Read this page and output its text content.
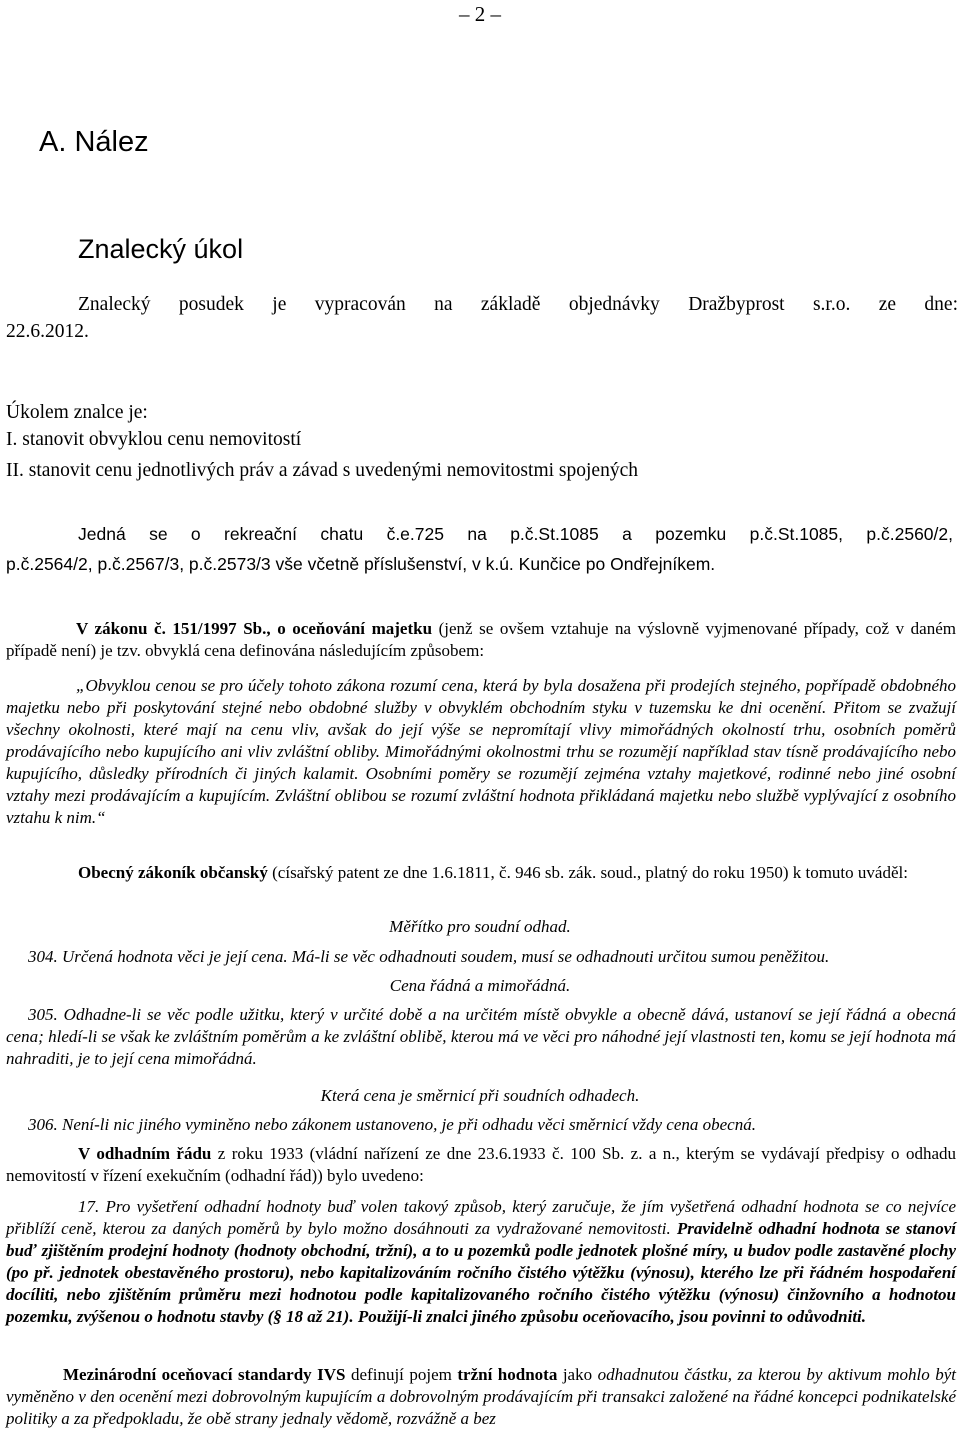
– 2 –
A. Nález
Znalecký úkol

Znalecký posudek je vypracován na základě objednávky Dražbyprost s.r.o. ze dne:

22.6.2012.

Úkolem znalce je:

I. stanovit obvyklou cenu nemovitostí

II. stanovit cenu jednotlivých práv a závad s uvedenými nemovitostmi spojených

Jedná se o rekreační chatu č.e.725 na p.č.St.1085 a pozemku p.č.St.1085, p.č.2560/2,

p.č.2564/2, p.č.2567/3, p.č.2573/3 vše včetně příslušenství, v k.ú. Kunčice po Ondřejníkem.

V zákonu č. 151/1997 Sb., o oceňování majetku (jenž se ovšem vztahuje na výslovně vyjmenované případy, což v daném případě není) je tzv. obvyklá cena definována následujícím způsobem:

„Obvyklou cenou se pro účely tohoto zákona rozumí cena, která by byla dosažena při prodejích stejného, popřípadě obdobného majetku nebo při poskytování stejné nebo obdobné služby v obvyklém obchodním styku v tuzemsku ke dni ocenění. Přitom se zvažují všechny okolnosti, které mají na cenu vliv, avšak do její výše se nepromítají vlivy mimořádných okolností trhu, osobních poměrů prodávajícího nebo kupujícího ani vliv zvláštní obliby. Mimořádnými okolnostmi trhu se rozumějí například stav tísně prodávajícího nebo kupujícího, důsledky přírodních či jiných kalamit. Osobními poměry se rozumějí zejména vztahy majetkové, rodinné nebo jiné osobní vztahy mezi prodávajícím a kupujícím. Zvláštní oblibou se rozumí zvláštní hodnota přikládaná majetku nebo službě vyplývající z osobního vztahu k nim.“

Obecný zákoník občanský (císařský patent ze dne 1.6.1811, č. 946 sb. zák. soud., platný do roku 1950) k tomuto uváděl:

Měřítko pro soudní odhad.

304. Určená hodnota věci je její cena. Má-li se věc odhadnouti soudem, musí se odhadnouti určitou sumou peněžitou.

Cena řádná a mimořádná.

305. Odhadne-li se věc podle užitku, který v určité době a na určitém místě obvykle a obecně dává, ustanoví se její řádná a obecná cena; hledí-li se však ke zvláštním poměrům a ke zvláštní oblibě, kterou má ve věci pro náhodné její vlastnosti ten, komu se její hodnota má nahraditi, je to její cena mimořádná.

Která cena je směrnicí při soudních odhadech.

306. Není-li nic jiného vyminěno nebo zákonem ustanoveno, je při odhadu věci směrnicí vždy cena obecná.

V odhadním řádu z roku 1933 (vládní nařízení ze dne 23.6.1933 č. 100 Sb. z. a n., kterým se vydávají předpisy o odhadu nemovitostí v řízení exekučním (odhadní řád)) bylo uvedeno:

17. Pro vyšetření odhadní hodnoty buď volen takový způsob, který zaručuje, že jím vyšetřená odhadní hodnota se co nejvíce přiblíží ceně, kterou za daných poměrů by bylo možno dosáhnouti za vydražované nemovitosti. Pravidelně odhadní hodnota se stanoví buď zjištěním prodejní hodnoty (hodnoty obchodní, tržní), a to u pozemků podle jednotek plošné míry, u budov podle zastavěné plochy (po př. jednotek obestavěného prostoru), nebo kapitalizováním ročního čistého výtěžku (výnosu), kterého lze při řádném hospodaření docíliti, nebo zjištěním průměru mezi hodnotou podle kapitalizovaného ročního čistého výtěžku (výnosu) činžovního a hodnotou pozemku, zvýšenou o hodnotu stavby (§ 18 až 21). Použijí-li znalci jiného způsobu oceňovacího, jsou povinni to odůvodniti.

Mezinárodní oceňovací standardy IVS definují pojem tržní hodnota jako odhadnutou částku, za kterou by aktivum mohlo být vyměněno v den ocenění mezi dobrovolným kupujícím a dobrovolným prodávajícím při transakci založené na řádné koncepci podnikatelské politiky a za předpokladu, že obě strany jednaly vědomě, rozvážně a bez
